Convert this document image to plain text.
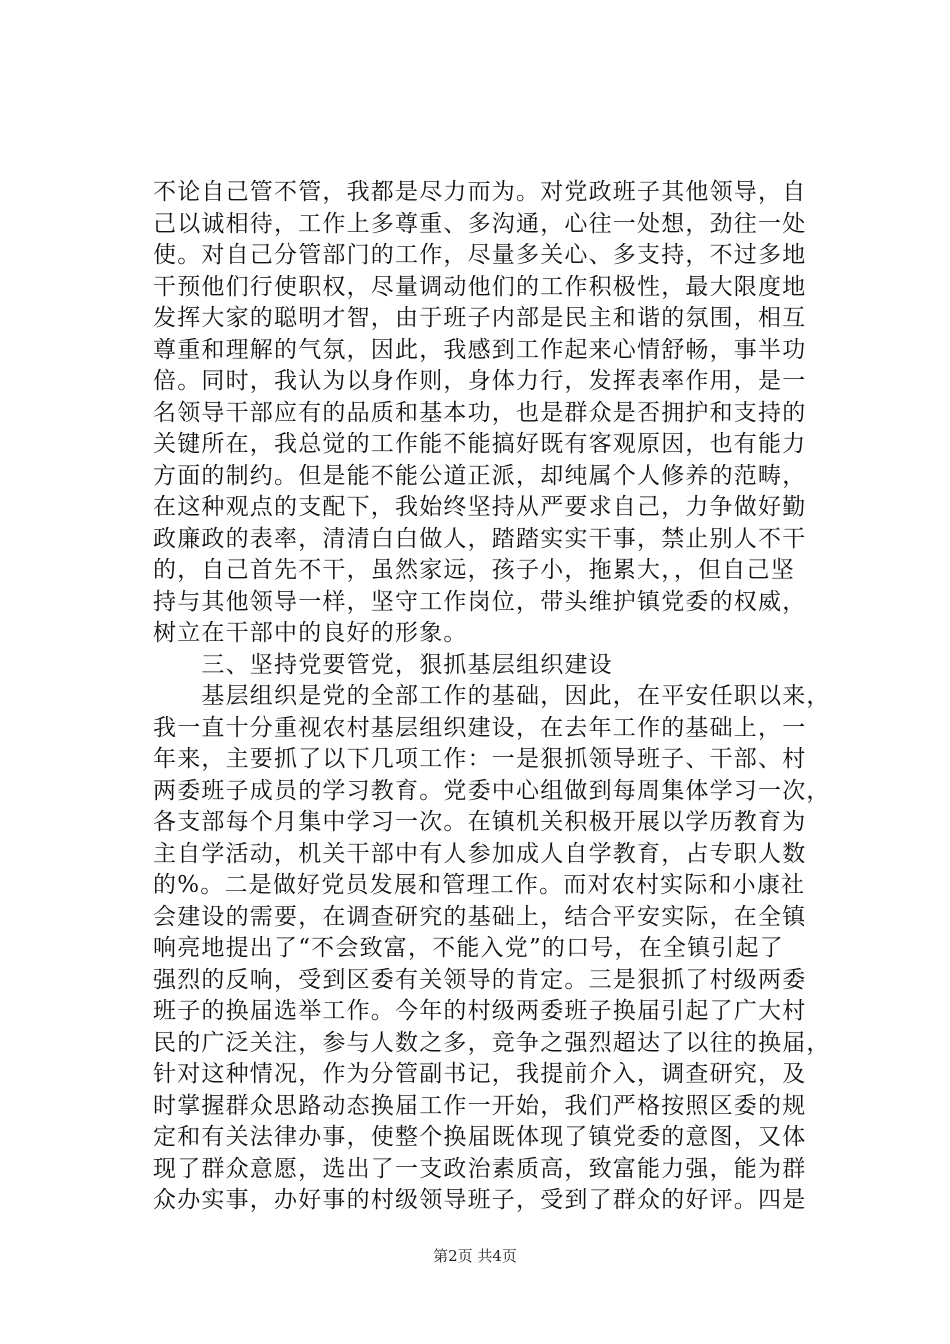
不论自己管不管，我都是尽力而为。对党政班子其他领导，自
己以诚相待，工作上多尊重、多沟通，心往一处想，劲往一处
使。对自己分管部门的工作，尽量多关心、多支持，不过多地
干预他们行使职权，尽量调动他们的工作积极性，最大限度地
发挥大家的聪明才智，由于班子内部是民主和谐的氛围，相互
尊重和理解的气氛，因此，我感到工作起来心情舒畅，事半功
倍。同时，我认为以身作则，身体力行，发挥表率作用，是一
名领导干部应有的品质和基本功，也是群众是否拥护和支持的
关键所在，我总觉的工作能不能搞好既有客观原因，也有能力
方面的制约。但是能不能公道正派，却纯属个人修养的范畴，
在这种观点的支配下，我始终坚持从严要求自己，力争做好勤
政廉政的表率，清清白白做人，踏踏实实干事，禁止别人不干
的，自己首先不干，虽然家远，孩子小，拖累大，，但自己坚
持与其他领导一样，坚守工作岗位，带头维护镇党委的权威，
树立在干部中的良好的形象。
　　三、坚持党要管党，狠抓基层组织建设
　　基层组织是党的全部工作的基础，因此，在平安任职以来，
我一直十分重视农村基层组织建设，在去年工作的基础上，一
年来，主要抓了以下几项工作：一是狠抓领导班子、干部、村
两委班子成员的学习教育。党委中心组做到每周集体学习一次，
各支部每个月集中学习一次。在镇机关积极开展以学历教育为
主自学活动，机关干部中有人参加成人自学教育，占专职人数
的%。二是做好党员发展和管理工作。而对农村实际和小康社
会建设的需要，在调查研究的基础上，结合平安实际，在全镇
响亮地提出了“不会致富，不能入党”的口号，在全镇引起了
强烈的反响，受到区委有关领导的肯定。三是狠抓了村级两委
班子的换届选举工作。今年的村级两委班子换届引起了广大村
民的广泛关注，参与人数之多，竞争之强烈超达了以往的换届，
针对这种情况，作为分管副书记，我提前介入，调查研究，及
时掌握群众思路动态换届工作一开始，我们严格按照区委的规
定和有关法律办事，使整个换届既体现了镇党委的意图，又体
现了群众意愿，选出了一支政治素质高，致富能力强，能为群
众办实事，办好事的村级领导班子，受到了群众的好评。四是
第2页 共4页
